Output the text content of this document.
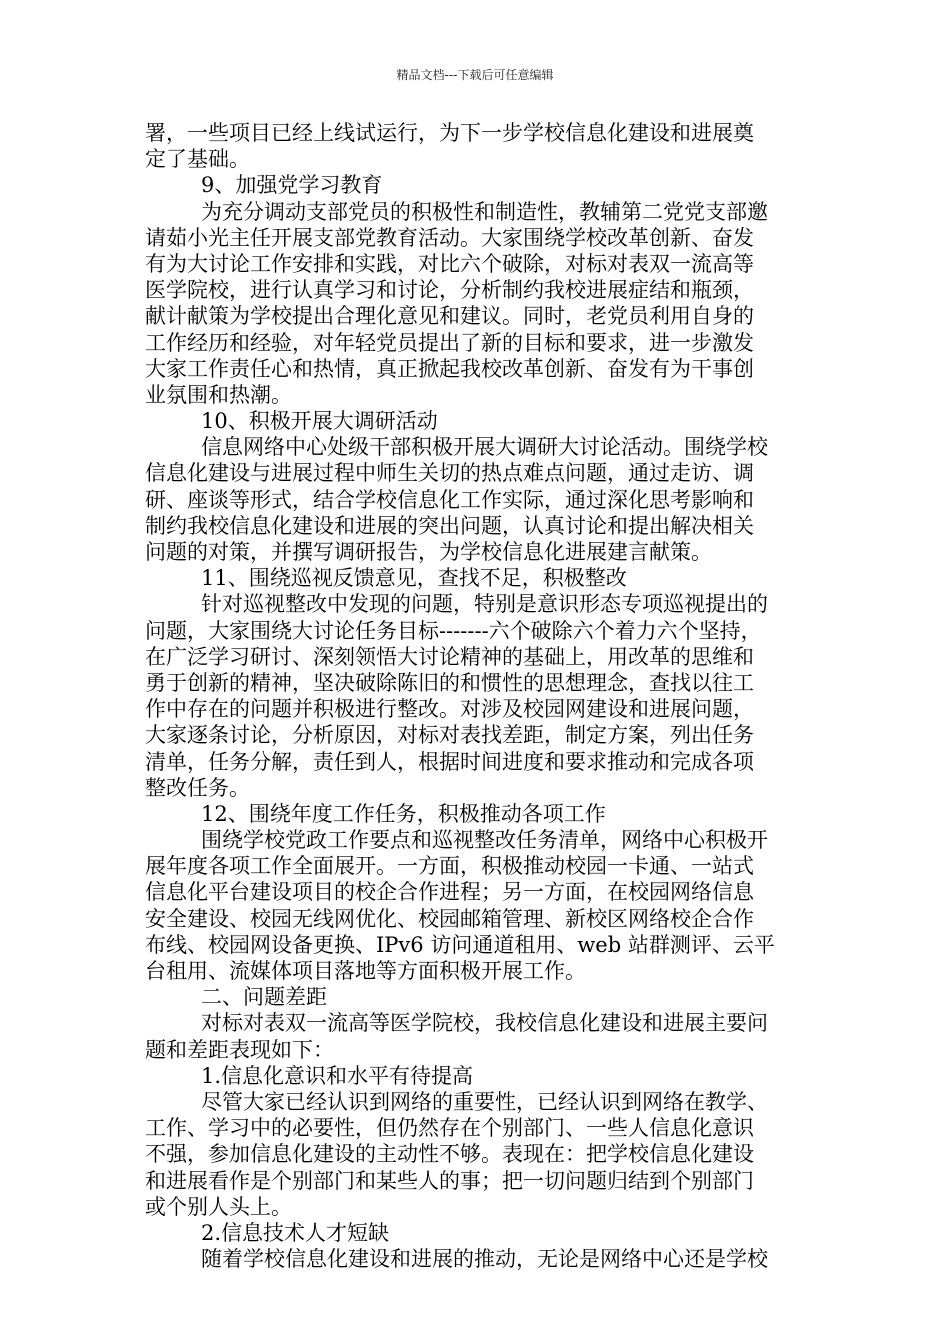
精品文档---下载后可任意编辑
署，一些项目已经上线试运行，为下一步学校信息化建设和进展奠
定了基础。
9、加强党学习教育
为充分调动支部党员的积极性和制造性，教辅第二党党支部邀
请茹小光主任开展支部党教育活动。大家围绕学校改革创新、奋发
有为大讨论工作安排和实践，对比六个破除，对标对表双一流高等
医学院校，进行认真学习和讨论，分析制约我校进展症结和瓶颈，
献计献策为学校提出合理化意见和建议。同时，老党员利用自身的
工作经历和经验，对年轻党员提出了新的目标和要求，进一步激发
大家工作责任心和热情，真正掀起我校改革创新、奋发有为干事创
业氛围和热潮。
10、积极开展大调研活动
信息网络中心处级干部积极开展大调研大讨论活动。围绕学校
信息化建设与进展过程中师生关切的热点难点问题，通过走访、调
研、座谈等形式，结合学校信息化工作实际，通过深化思考影响和
制约我校信息化建设和进展的突出问题，认真讨论和提出解决相关
问题的对策，并撰写调研报告，为学校信息化进展建言献策。
11、围绕巡视反馈意见，查找不足，积极整改
针对巡视整改中发现的问题，特别是意识形态专项巡视提出的
问题，大家围绕大讨论任务目标-------六个破除六个着力六个坚持，
在广泛学习研讨、深刻领悟大讨论精神的基础上，用改革的思维和
勇于创新的精神，坚决破除陈旧的和惯性的思想理念，查找以往工
作中存在的问题并积极进行整改。对涉及校园网建设和进展问题，
大家逐条讨论，分析原因，对标对表找差距，制定方案，列出任务
清单，任务分解，责任到人，根据时间进度和要求推动和完成各项
整改任务。
12、围绕年度工作任务，积极推动各项工作
围绕学校党政工作要点和巡视整改任务清单，网络中心积极开
展年度各项工作全面展开。一方面，积极推动校园一卡通、一站式
信息化平台建设项目的校企合作进程；另一方面，在校园网络信息
安全建设、校园无线网优化、校园邮箱管理、新校区网络校企合作
布线、校园网设备更换、IPv6 访问通道租用、web 站群测评、云平
台租用、流媒体项目落地等方面积极开展工作。
二、问题差距
对标对表双一流高等医学院校，我校信息化建设和进展主要问
题和差距表现如下：
1.信息化意识和水平有待提高
尽管大家已经认识到网络的重要性，已经认识到网络在教学、
工作、学习中的必要性，但仍然存在个别部门、一些人信息化意识
不强，参加信息化建设的主动性不够。表现在：把学校信息化建设
和进展看作是个别部门和某些人的事；把一切问题归结到个别部门
或个别人头上。
2.信息技术人才短缺
随着学校信息化建设和进展的推动，无论是网络中心还是学校
